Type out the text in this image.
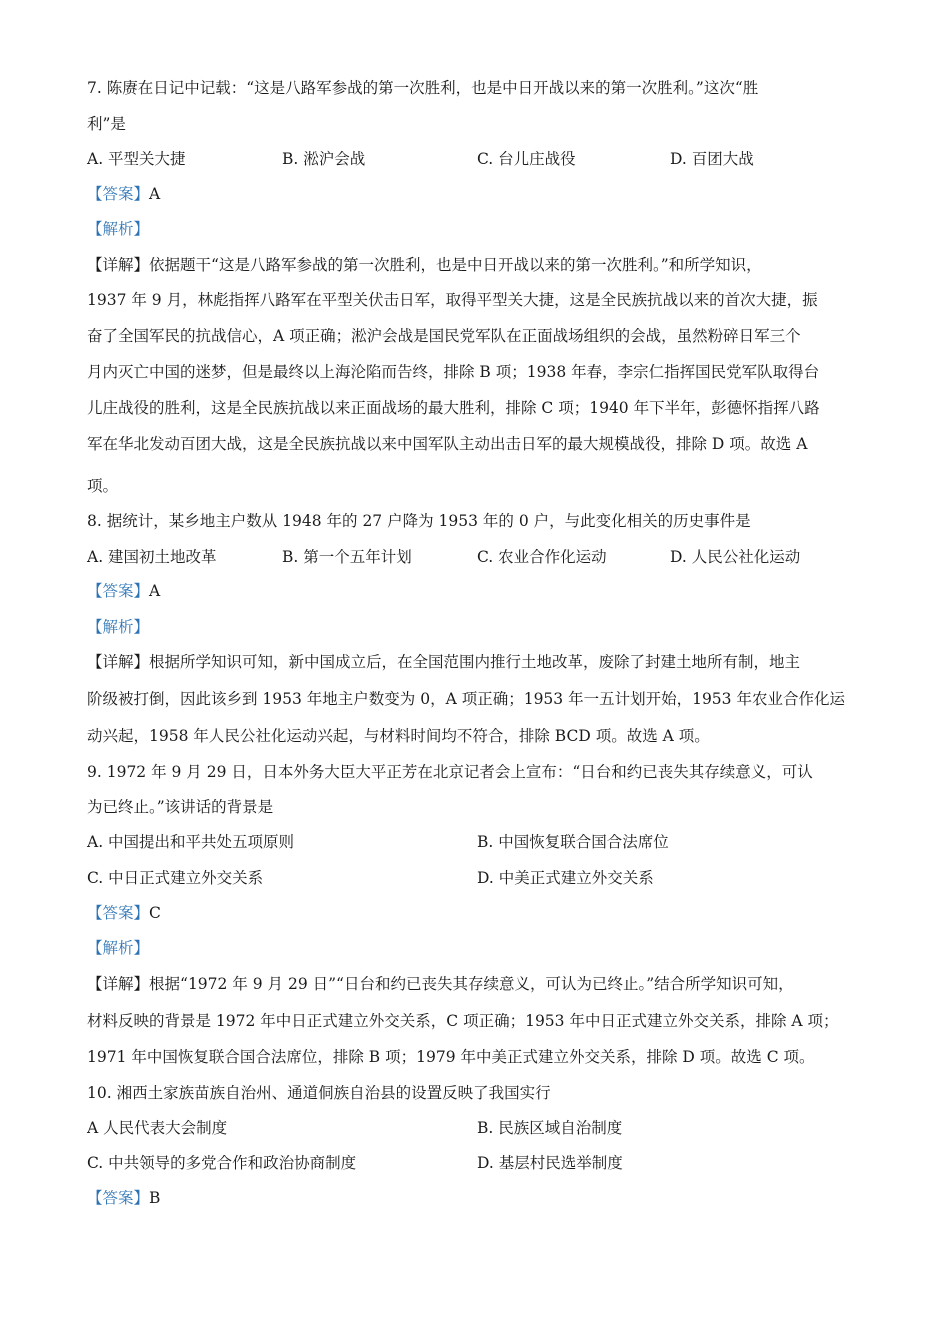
7. 陈赓在日记中记载：“这是八路军参战的第一次胜利，也是中日开战以来的第一次胜利。”这次“胜
利”是
A. 平型关大捷	B. 淞沪会战	C. 台儿庄战役	D. 百团大战
【答案】A
【解析】
【详解】依据题干“这是八路军参战的第一次胜利，也是中日开战以来的第一次胜利。”和所学知识，
1937 年 9 月，林彪指挥八路军在平型关伏击日军，取得平型关大捷，这是全民族抗战以来的首次大捷，振
奋了全国军民的抗战信心，A 项正确；淞沪会战是国民党军队在正面战场组织的会战，虽然粉碎日军三个
月内灭亡中国的迷梦，但是最终以上海沦陷而告终，排除 B 项；1938 年春，李宗仁指挥国民党军队取得台
儿庄战役的胜利，这是全民族抗战以来正面战场的最大胜利，排除 C 项；1940 年下半年，彭德怀指挥八路
军在华北发动百团大战，这是全民族抗战以来中国军队主动出击日军的最大规模战役，排除 D 项。故选 A
项。
8. 据统计，某乡地主户数从 1948 年的 27 户降为 1953 年的 0 户，与此变化相关的历史事件是
A. 建国初土地改革	B. 第一个五年计划	C. 农业合作化运动	D. 人民公社化运动
【答案】A
【解析】
【详解】根据所学知识可知，新中国成立后，在全国范围内推行土地改革，废除了封建土地所有制，地主
阶级被打倒，因此该乡到 1953 年地主户数变为 0，A 项正确；1953 年一五计划开始，1953 年农业合作化运
动兴起，1958 年人民公社化运动兴起，与材料时间均不符合，排除 BCD 项。故选 A 项。
9. 1972 年 9 月 29 日，日本外务大臣大平正芳在北京记者会上宣布：“日台和约已丧失其存续意义，可认
为已终止。”该讲话的背景是
A. 中国提出和平共处五项原则	B. 中国恢复联合国合法席位
C. 中日正式建立外交关系	D. 中美正式建立外交关系
【答案】C
【解析】
【详解】根据“1972 年 9 月 29 日”“日台和约已丧失其存续意义，可认为已终止。”结合所学知识可知，
材料反映的背景是 1972 年中日正式建立外交关系，C 项正确；1953 年中日正式建立外交关系，排除 A 项；
1971 年中国恢复联合国合法席位，排除 B 项；1979 年中美正式建立外交关系，排除 D 项。故选 C 项。
10. 湘西土家族苗族自治州、通道侗族自治县的设置反映了我国实行
A 人民代表大会制度	B. 民族区域自治制度
C. 中共领导的多党合作和政治协商制度	D. 基层村民选举制度
【答案】B
